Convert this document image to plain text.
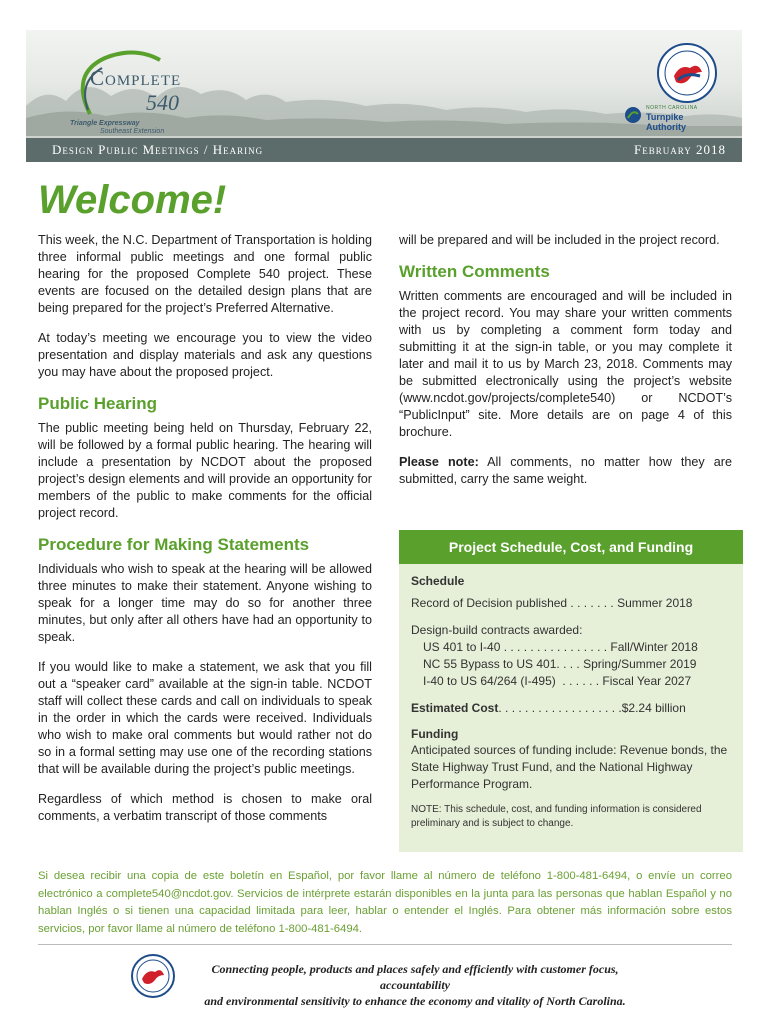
Complete
540
Triangle Expressway
Southeast Extension
NORTH CAROLINA
Turnpike Authority
Design Public Meetings / Hearing	February 2018
Welcome!

This week, the N.C. Department of Transportation is holding three informal public meetings and one formal public hearing for the proposed Complete 540 project. These events are focused on the detailed design plans that are being prepared for the project’s Preferred Alternative.

At today’s meeting we encourage you to view the video presentation and display materials and ask any questions you may have about the proposed project.

Public Hearing

The public meeting being held on Thursday, February 22, will be followed by a formal public hearing. The hearing will include a presentation by NCDOT about the proposed project’s design elements and will provide an opportunity for members of the public to make comments for the official project record.

Procedure for Making Statements

Individuals who wish to speak at the hearing will be allowed three minutes to make their statement. Anyone wishing to speak for a longer time may do so for another three minutes, but only after all others have had an opportunity to speak.

If you would like to make a statement, we ask that you fill out a “speaker card” available at the sign-in table. NCDOT staff will collect these cards and call on individuals to speak in the order in which the cards were received. Individuals who wish to make oral comments but would rather not do so in a formal setting may use one of the recording stations that will be available during the project’s public meetings.

Regardless of which method is chosen to make oral comments, a verbatim transcript of those comments

will be prepared and will be included in the project record.

Written Comments

Written comments are encouraged and will be included in the project record. You may share your written comments with us by completing a comment form today and submitting it at the sign-in table, or you may complete it later and mail it to us by March 23, 2018. Comments may be submitted electronically using the project’s website (www.ncdot.gov/projects/complete540) or NCDOT’s “PublicInput” site. More details are on page 4 of this brochure.

Please note: All comments, no matter how they are submitted, carry the same weight.

Project Schedule, Cost, and Funding
Schedule
Record of Decision published . . . . . . . Summer 2018
Design-build contracts awarded:
US 401 to I-40 . . . . . . . . . . . . . . . . Fall/Winter 2018
NC 55 Bypass to US 401. . . . Spring/Summer 2019
I-40 to US 64/264 (I-495)  . . . . . . Fiscal Year 2027
Estimated Cost. . . . . . . . . . . . . . . . . . .$2.24 billion
Funding
Anticipated sources of funding include: Revenue bonds, the State Highway Trust Fund, and the National Highway Performance Program.
NOTE: This schedule, cost, and funding information is considered preliminary and is subject to change.
Si desea recibir una copia de este boletín en Español, por favor llame al número de teléfono 1-800-481-6494, o envíe un correo electrónico a complete540@ncdot.gov. Servicios de intérprete estarán disponibles en la junta para las personas que hablan Español y no hablan Inglés o si tienen una capacidad limitada para leer, hablar o entender el Inglés. Para obtener más información sobre estos servicios, por favor llame al número de teléfono 1-800-481-6494.
Connecting people, products and places safely and efficiently with customer focus, accountability
and environmental sensitivity to enhance the economy and vitality of North Carolina.
